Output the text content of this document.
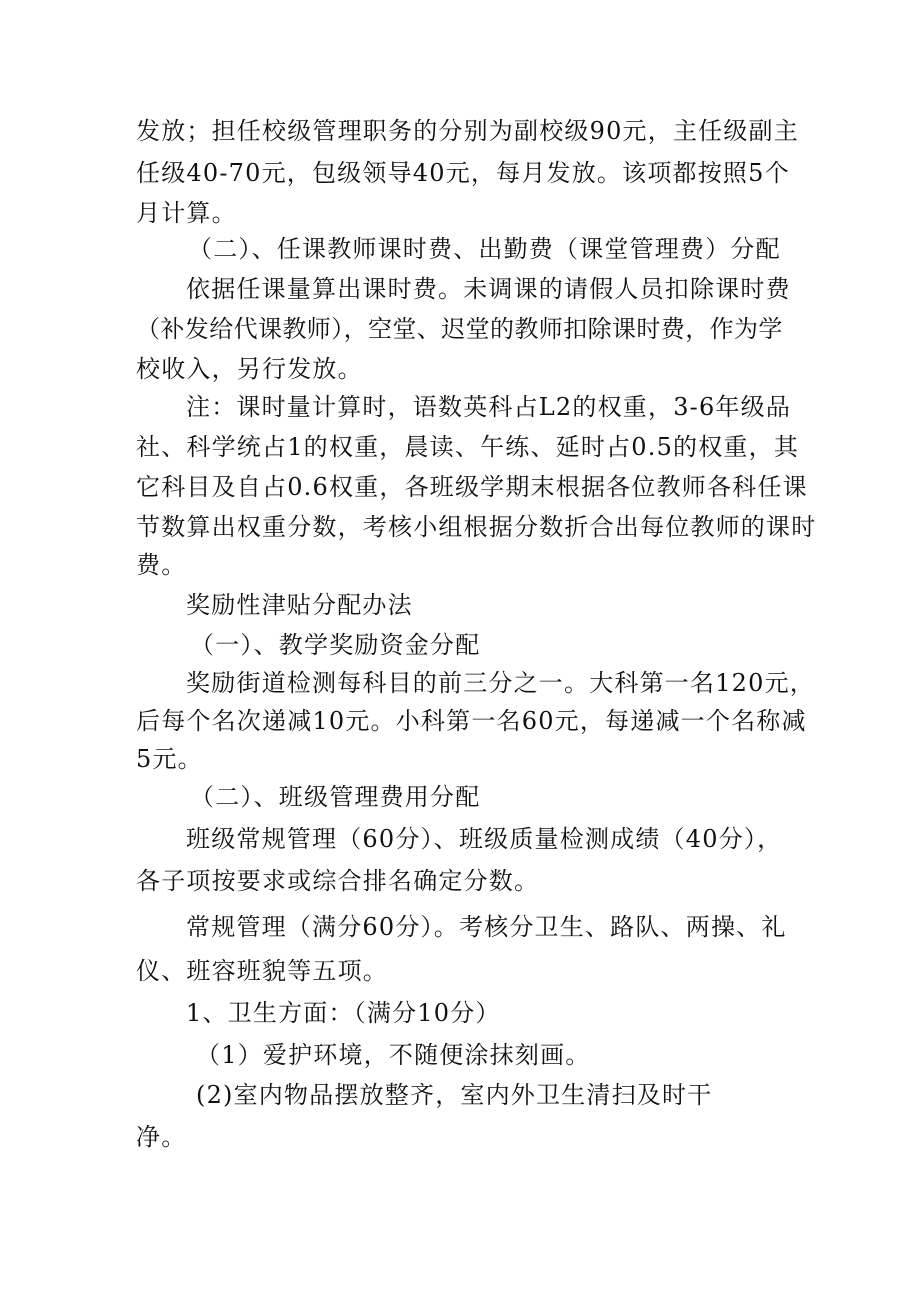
发放；担任校级管理职务的分别为副校级90元，主任级副主
任级40-70元，包级领导40元，每月发放。该项都按照5个
月计算。
（二）、任课教师课时费、出勤费（课堂管理费）分配
依据任课量算出课时费。未调课的请假人员扣除课时费
（补发给代课教师），空堂、迟堂的教师扣除课时费，作为学
校收入，另行发放。
注：课时量计算时，语数英科占L2的权重，3-6年级品
社、科学统占1的权重，晨读、午练、延时占0.5的权重，其
它科目及自占0.6权重，各班级学期末根据各位教师各科任课
节数算出权重分数，考核小组根据分数折合出每位教师的课时
费。
奖励性津贴分配办法
（一）、教学奖励资金分配
奖励街道检测每科目的前三分之一。大科第一名120元，
后每个名次递减10元。小科第一名60元，每递减一个名称减
5元。
（二）、班级管理费用分配
班级常规管理（60分）、班级质量检测成绩（40分），
各子项按要求或综合排名确定分数。
常规管理（满分60分）。考核分卫生、路队、两操、礼
仪、班容班貌等五项。
1、卫生方面：（满分10分）
（1）爱护环境，不随便涂抹刻画。
(2)室内物品摆放整齐，室内外卫生清扫及时干
净。
